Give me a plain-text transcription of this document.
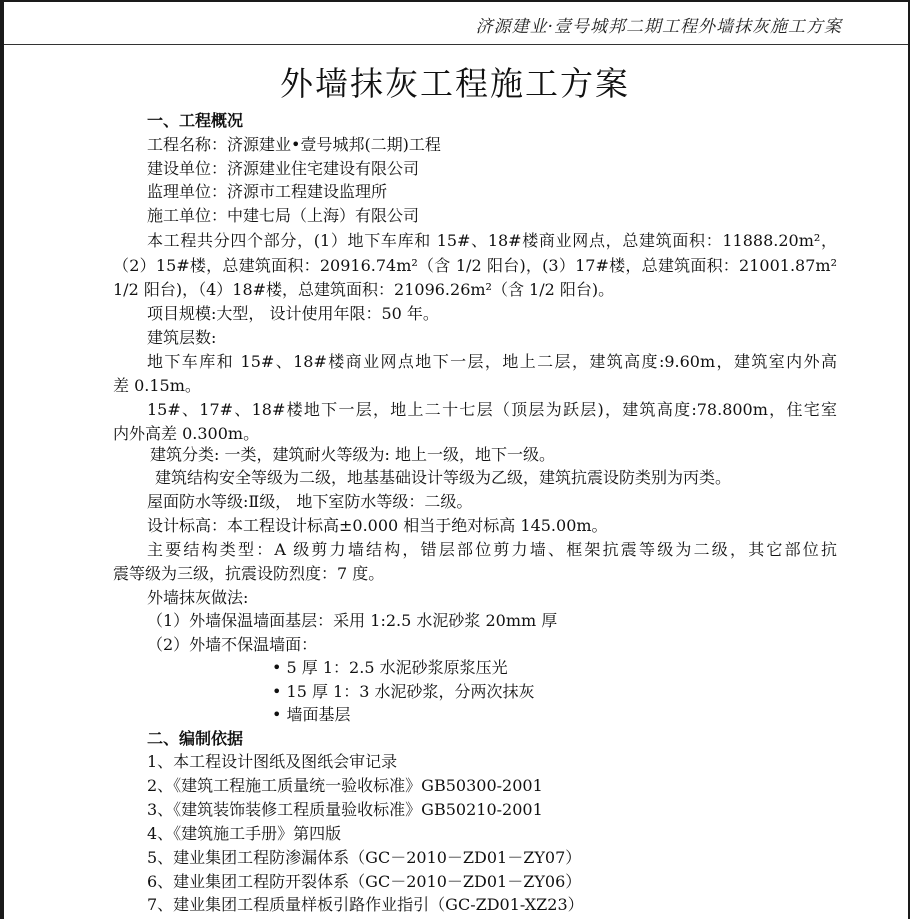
济源建业·壹号城邦二期工程外墙抹灰施工方案
外墙抹灰工程施工方案
一、工程概况
工程名称：济源建业•壹号城邦(二期)工程
建设单位：济源建业住宅建设有限公司
监理单位：济源市工程建设监理所
施工单位：中建七局（上海）有限公司
本工程共分四个部分，(1）地下车库和 15#、18#楼商业网点，总建筑面积：11888.20m²，
（2）15#楼，总建筑面积：20916.74m²（含 1/2 阳台)，(3）17#楼，总建筑面积：21001.87m²
1/2 阳台)，（4）18#楼，总建筑面积：21096.26m²（含 1/2 阳台)。
项目规模:大型， 设计使用年限：50 年。
建筑层数:
地下车库和 15#、18#楼商业网点地下一层，地上二层，建筑高度:9.60m，建筑室内外高
差 0.15m。
15#、17#、18#楼地下一层，地上二十七层（顶层为跃层)，建筑高度:78.800m，住宅室
内外高差 0.300m。
建筑分类: 一类，建筑耐火等级为: 地上一级，地下一级。
建筑结构安全等级为二级，地基基础设计等级为乙级，建筑抗震设防类别为丙类。
屋面防水等级:Ⅱ级， 地下室防水等级：二级。
设计标高：本工程设计标高±0.000 相当于绝对标高 145.00m。
主要结构类型：A 级剪力墙结构，错层部位剪力墙、框架抗震等级为二级，其它部位抗
震等级为三级，抗震设防烈度：7 度。
外墙抹灰做法:
（1）外墙保温墙面基层：采用 1:2.5 水泥砂浆 20mm 厚
（2）外墙不保温墙面：
• 5 厚 1：2.5 水泥砂浆原浆压光
• 15 厚 1：3 水泥砂浆，分两次抹灰
• 墙面基层
二、编制依据
1、本工程设计图纸及图纸会审记录
2、《建筑工程施工质量统一验收标准》GB50300-2001
3、《建筑装饰装修工程质量验收标准》GB50210-2001
4、《建筑施工手册》第四版
5、建业集团工程防渗漏体系（GC－2010－ZD01－ZY07）
6、建业集团工程防开裂体系（GC－2010－ZD01－ZY06）
7、建业集团工程质量样板引路作业指引（GC-ZD01-XZ23）
